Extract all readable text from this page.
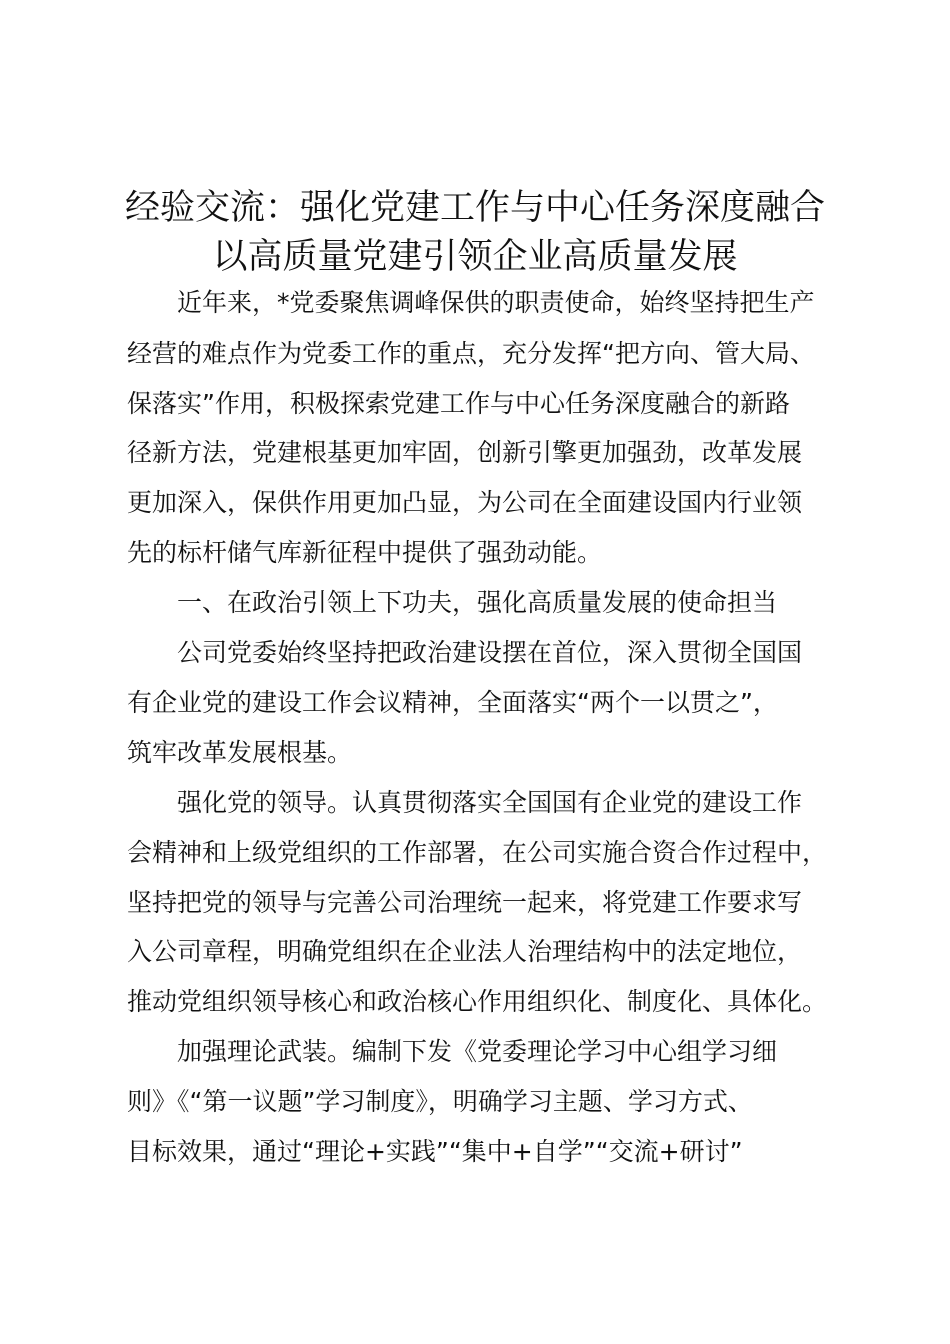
经验交流：强化党建工作与中心任务深度融合
以高质量党建引领企业高质量发展
近年来，*党委聚焦调峰保供的职责使命，始终坚持把生产
经营的难点作为党委工作的重点，充分发挥“把方向、管大局、
保落实”作用，积极探索党建工作与中心任务深度融合的新路
径新方法，党建根基更加牢固，创新引擎更加强劲，改革发展
更加深入，保供作用更加凸显，为公司在全面建设国内行业领
先的标杆储气库新征程中提供了强劲动能。
一、在政治引领上下功夫，强化高质量发展的使命担当
公司党委始终坚持把政治建设摆在首位，深入贯彻全国国
有企业党的建设工作会议精神，全面落实“两个一以贯之”，
筑牢改革发展根基。
强化党的领导。认真贯彻落实全国国有企业党的建设工作
会精神和上级党组织的工作部署，在公司实施合资合作过程中，
坚持把党的领导与完善公司治理统一起来，将党建工作要求写
入公司章程，明确党组织在企业法人治理结构中的法定地位，
推动党组织领导核心和政治核心作用组织化、制度化、具体化。
加强理论武装。编制下发《党委理论学习中心组学习细
则》《“第一议题”学习制度》，明确学习主题、学习方式、
目标效果，通过“理论+实践”“集中+自学”“交流+研讨”
